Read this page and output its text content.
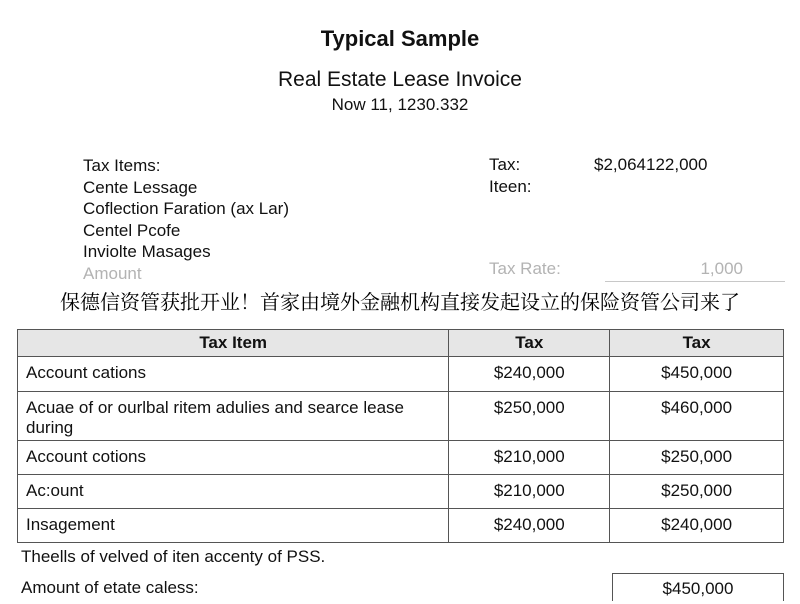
Typical Sample
Real Estate Lease Invoice
Now 11, 1230.332
Tax Items:
Cente Lessage
Coflection Faration (ax Lar)
Centel Pcofe
Inviolte Masages
Amount
Tax:	$2,064122,000
Iteen:
Tax Rate:	1,000
保德信资管获批开业！首家由境外金融机构直接发起设立的保险资管公司来了
Tax Item	Tax	Tax
Account cations	$240,000	$450,000
Acuae of or ourlbal ritem adulies and searce lease during	$250,000	$460,000
Account cotions	$210,000	$250,000
Ac:ount	$210,000	$250,000
Insagement	$240,000	$240,000
Theells of velved of iten accenty of PSS.
Amount of etate caless:	$450,000
